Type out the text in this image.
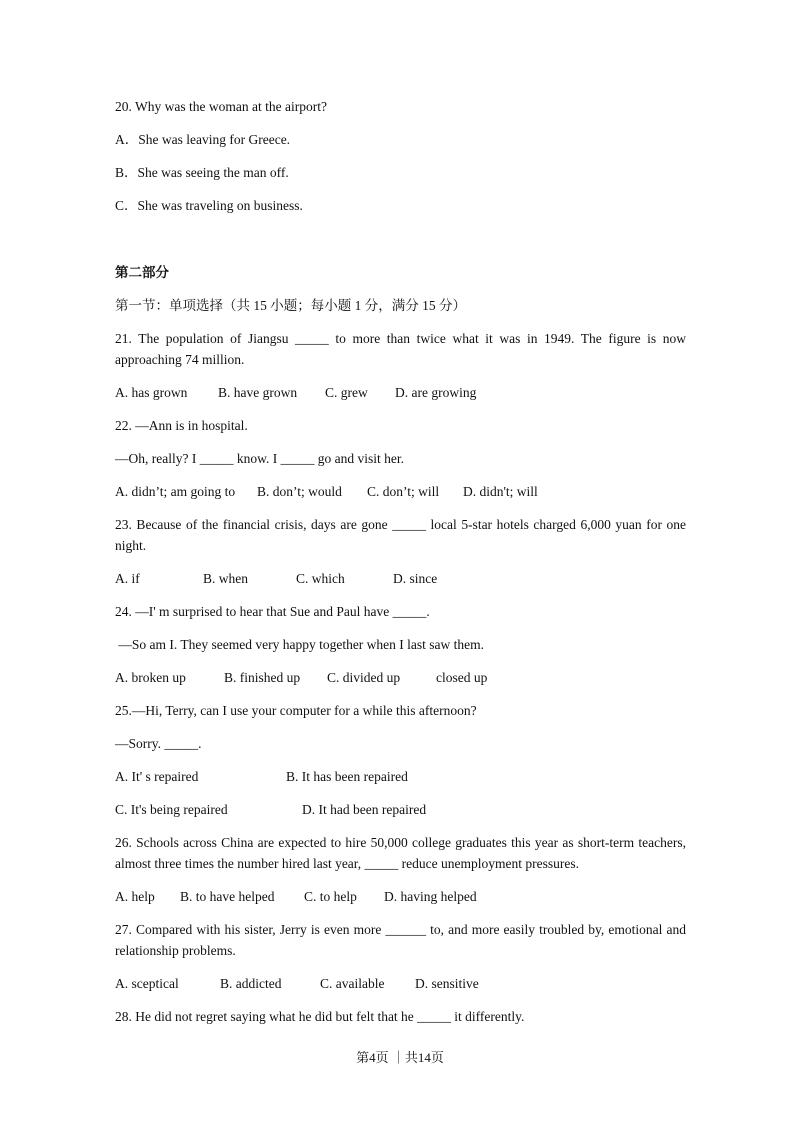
20. Why was the woman at the airport?
A．She was leaving for Greece.
B．She was seeing the man off.
C．She was traveling on business.
第二部分
第一节：单项选择（共 15 小题；每小题 1 分，满分 15 分）
21. The population of Jiangsu _____ to more than twice what it was in 1949. The figure is now approaching 74 million.
A. has grown	B. have grown	C. grew	D. are growing
22. —Ann is in hospital.
—Oh, really? I _____ know. I _____ go and visit her.
A. didn’t; am going to	B. don’t; would	C. don’t; will	D. didn't; will
23. Because of the financial crisis, days are gone _____ local 5-star hotels charged 6,000 yuan for one night.
A. if	B. when	C. which	D. since
24. —I' m surprised to hear that Sue and Paul have _____.
—So am I. They seemed very happy together when I last saw them.
A. broken up	B. finished up	C. divided up	closed up
25.—Hi, Terry, can I use your computer for a while this afternoon?
—Sorry. _____.
A. It' s repaired	B. It has been repaired
C. It's being repaired	D. It had been repaired
26. Schools across China are expected to hire 50,000 college graduates this year as short-term teachers, almost three times the number hired last year, _____ reduce unemployment pressures.
A. help	B. to have helped	C. to help	D. having helped
27. Compared with his sister, Jerry is even more ______ to, and more easily troubled by, emotional and relationship problems.
A. sceptical	B. addicted	C. available	D. sensitive
28. He did not regret saying what he did but felt that he _____ it differently.
第4页 ｜共14页
